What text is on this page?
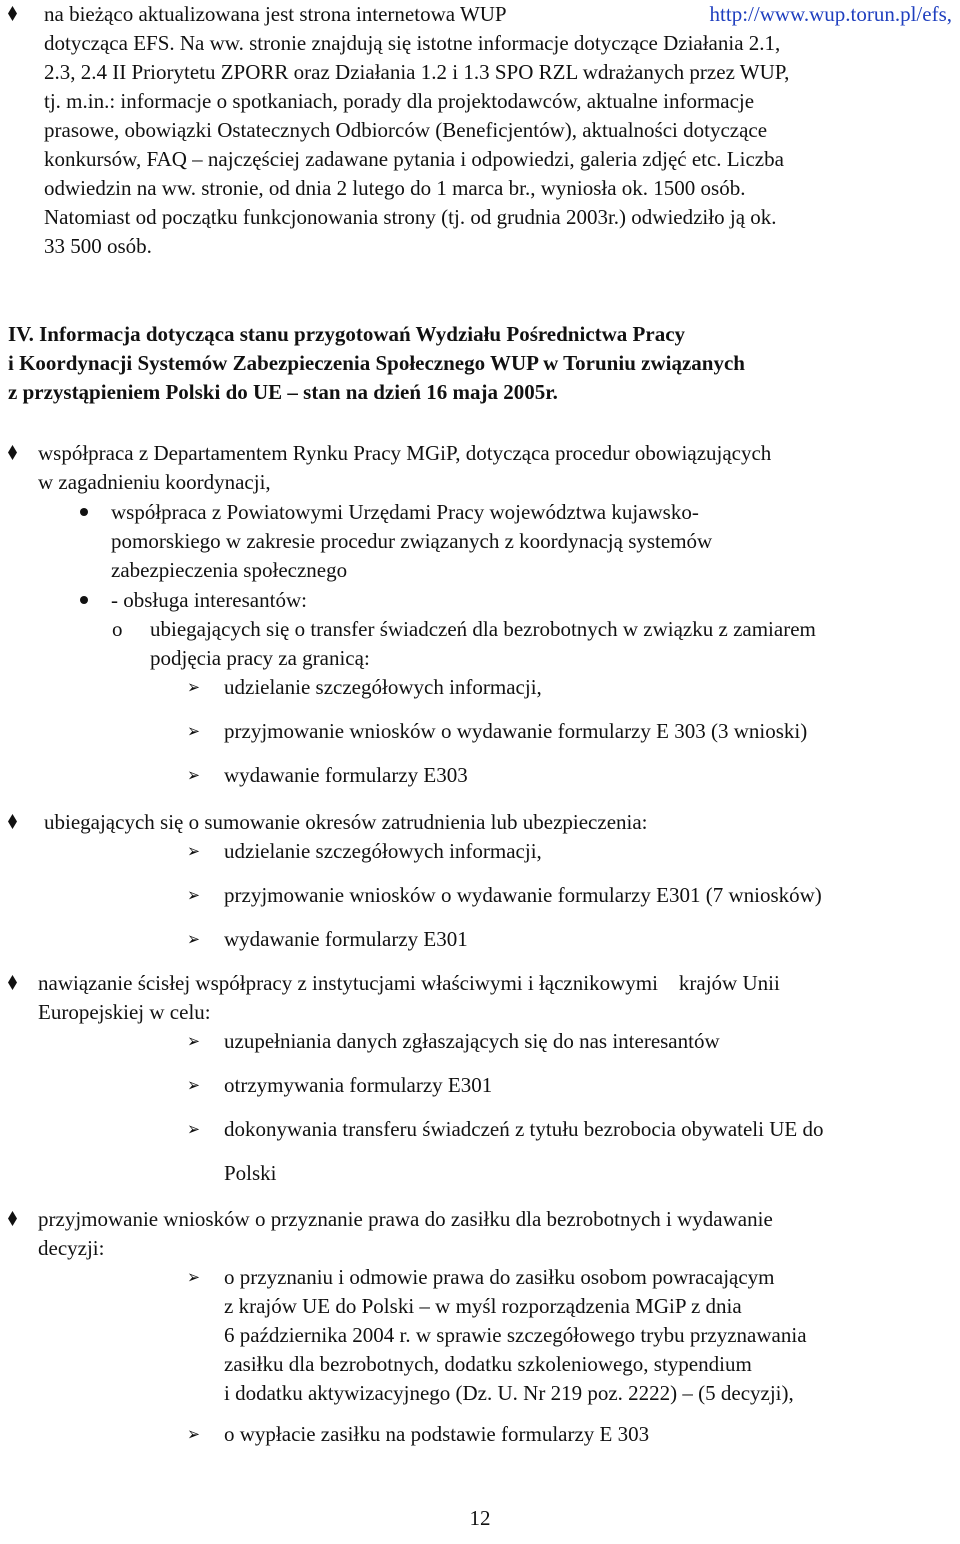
na bieżąco aktualizowana jest strona internetowa WUP	http://www.wup.torun.pl/efs,
dotycząca EFS. Na ww. stronie znajdują się istotne informacje dotyczące Działania 2.1,
2.3, 2.4 II Priorytetu ZPORR oraz Działania 1.2 i 1.3 SPO RZL wdrażanych przez WUP,
tj. m.in.: informacje o spotkaniach, porady dla projektodawców, aktualne informacje
prasowe, obowiązki Ostatecznych Odbiorców (Beneficjentów), aktualności dotyczące
konkursów, FAQ – najczęściej zadawane pytania i odpowiedzi, galeria zdjęć etc. Liczba
odwiedzin na ww. stronie, od dnia 2 lutego do 1 marca br., wyniosła ok. 1500 osób.
Natomiast od początku funkcjonowania strony (tj. od grudnia 2003r.) odwiedziło ją ok.
33 500 osób.
IV. Informacja dotycząca stanu przygotowań Wydziału Pośrednictwa Pracy
i Koordynacji Systemów Zabezpieczenia Społecznego WUP w Toruniu związanych
z przystąpieniem Polski do UE – stan na dzień 16 maja 2005r.
współpraca z Departamentem Rynku Pracy MGiP, dotycząca procedur obowiązujących
w zagadnieniu koordynacji,
współpraca z Powiatowymi Urzędami Pracy województwa kujawsko-
pomorskiego w zakresie procedur związanych z koordynacją systemów
zabezpieczenia społecznego
- obsługa interesantów:
o ubiegających się o transfer świadczeń dla bezrobotnych w związku z zamiarem
podjęcia pracy za granicą:
➢ udzielanie szczegółowych informacji,
➢ przyjmowanie wniosków o wydawanie formularzy E 303 (3 wnioski)
➢ wydawanie formularzy E303
ubiegających się o sumowanie okresów zatrudnienia lub ubezpieczenia:
➢ udzielanie szczegółowych informacji,
➢ przyjmowanie wniosków o wydawanie formularzy E301 (7 wniosków)
➢ wydawanie formularzy E301
nawiązanie ścisłej współpracy z instytucjami właściwymi i łącznikowymi    krajów Unii
Europejskiej w celu:
➢ uzupełniania danych zgłaszających się do nas interesantów
➢ otrzymywania formularzy E301
➢ dokonywania transferu świadczeń z tytułu bezrobocia obywateli UE do
Polski
przyjmowanie wniosków o przyznanie prawa do zasiłku dla bezrobotnych i wydawanie
decyzji:
➢ o przyznaniu i odmowie prawa do zasiłku osobom powracającym
z krajów UE do Polski – w myśl rozporządzenia MGiP z dnia
6 października 2004 r. w sprawie szczegółowego trybu przyznawania
zasiłku dla bezrobotnych, dodatku szkoleniowego, stypendium
i dodatku aktywizacyjnego (Dz. U. Nr 219 poz. 2222) – (5 decyzji),
➢ o wypłacie zasiłku na podstawie formularzy E 303
12
